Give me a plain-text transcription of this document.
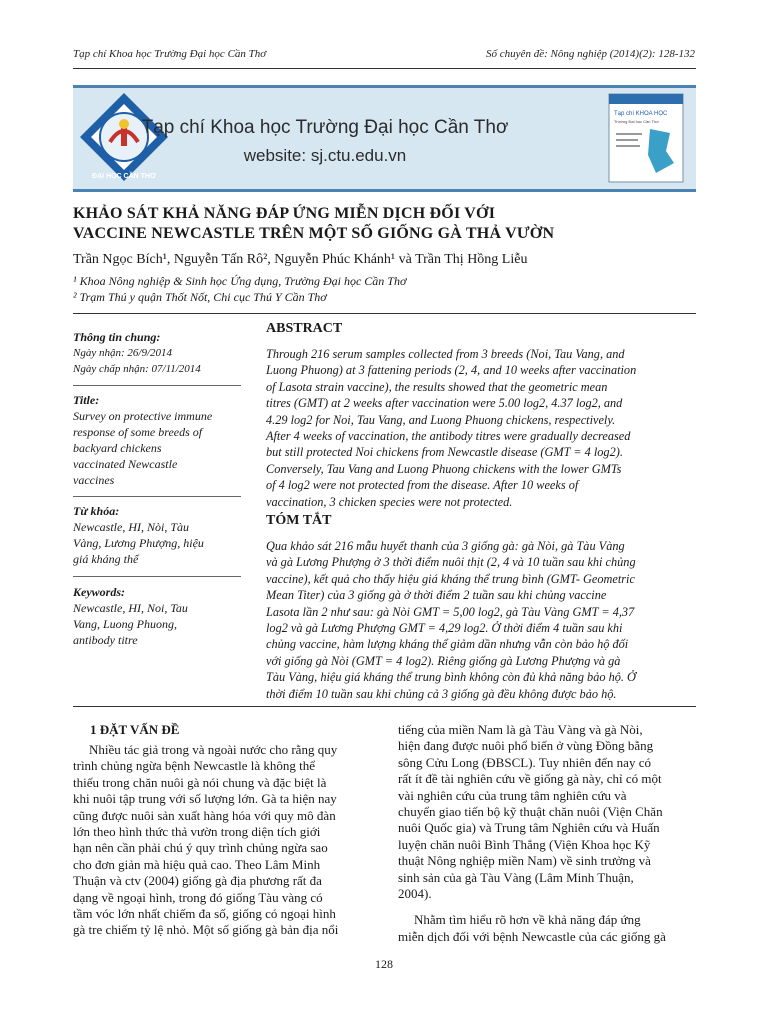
Tạp chí Khoa học Trường Đại học Cần Thơ	Số chuyên đề: Nông nghiệp (2014)(2): 128-132
ĐẠI HỌC CẦN THƠ
Tạp chí Khoa học Trường Đại học Cần Thơ
website: sj.ctu.edu.vn
Tạp chí KHOA HỌC
Trường Đại học Cần Thơ
KHẢO SÁT KHẢ NĂNG ĐÁP ỨNG MIỄN DỊCH ĐỐI VỚI
VACCINE NEWCASTLE TRÊN MỘT SỐ GIỐNG GÀ THẢ VƯỜN
Trần Ngọc Bích¹, Nguyễn Tấn Rô², Nguyễn Phúc Khánh¹ và Trần Thị Hồng Liễu
¹ Khoa Nông nghiệp & Sinh học Ứng dụng, Trường Đại học Cần Thơ
² Trạm Thú y quận Thốt Nốt, Chi cục Thú Y Cần Thơ
Thông tin chung:
Ngày nhận: 26/9/2014
Ngày chấp nhận: 07/11/2014
Title:
Survey on protective immune
response of some breeds of
backyard chickens
vaccinated Newcastle
vaccines
Từ khóa:
Newcastle, HI, Nòi, Tàu
Vàng, Lương Phượng, hiệu
giá kháng thể
Keywords:
Newcastle, HI, Noi, Tau
Vang, Luong Phuong,
antibody titre
ABSTRACT
Through 216 serum samples collected from 3 breeds (Noi, Tau Vang, and
Luong Phuong) at 3 fattening periods (2, 4, and 10 weeks after vaccination
of Lasota strain vaccine), the results showed that the geometric mean
titres (GMT) at 2 weeks after vaccination were 5.00 log2, 4.37 log2, and
4.29 log2 for Noi, Tau Vang, and Luong Phuong chickens, respectively.
After 4 weeks of vaccination, the antibody titres were gradually decreased
but still protected Noi chickens from Newcastle disease (GMT = 4 log2).
Conversely, Tau Vang and Luong Phuong chickens with the lower GMTs
of 4 log2 were not protected from the disease. After 10 weeks of
vaccination, 3 chicken species were not protected.
TÓM TẮT
Qua khảo sát 216 mẫu huyết thanh của 3 giống gà: gà Nòi, gà Tàu Vàng
và gà Lương Phượng ở 3 thời điểm nuôi thịt (2, 4 và 10 tuần sau khi chủng
vaccine), kết quả cho thấy hiệu giá kháng thể trung bình (GMT- Geometric
Mean Titer) của 3 giống gà ở thời điểm 2 tuần sau khi chủng vaccine
Lasota lần 2 như sau: gà Nòi GMT = 5,00 log2, gà Tàu Vàng GMT = 4,37
log2 và gà Lương Phượng GMT = 4,29 log2. Ở thời điểm 4 tuần sau khi
chủng vaccine, hàm lượng kháng thể giảm dần nhưng vẫn còn bảo hộ đối
với giống gà Nòi (GMT = 4 log2). Riêng giống gà Lương Phượng và gà
Tàu Vàng, hiệu giá kháng thể trung bình không còn đủ khả năng bảo hộ. Ở
thời điểm 10 tuần sau khi chủng cả 3 giống gà đều không được bảo hộ.
1 ĐẶT VẤN ĐỀ
Nhiều tác giả trong và ngoài nước cho rằng quy
trình chủng ngừa bệnh Newcastle là không thể
thiếu trong chăn nuôi gà nói chung và đặc biệt là
khi nuôi tập trung với số lượng lớn. Gà ta hiện nay
cũng được nuôi sản xuất hàng hóa với quy mô đàn
lớn theo hình thức thả vườn trong diện tích giới
hạn nên cần phải chú ý quy trình chủng ngừa sao
cho đơn giản mà hiệu quả cao. Theo Lâm Minh
Thuận và ctv (2004) giống gà địa phương rất đa
dạng về ngoại hình, trong đó giống Tàu vàng có
tầm vóc lớn nhất chiếm đa số, giống có ngoại hình
gà tre chiếm tỷ lệ nhỏ. Một số giống gà bản địa nổi
tiếng của miền Nam là gà Tàu Vàng và gà Nòi,
hiện đang được nuôi phổ biến ở vùng Đồng bằng
sông Cửu Long (ĐBSCL). Tuy nhiên đến nay có
rất ít đề tài nghiên cứu về giống gà này, chỉ có một
vài nghiên cứu của trung tâm nghiên cứu và
chuyển giao tiến bộ kỹ thuật chăn nuôi (Viện Chăn
nuôi Quốc gia) và Trung tâm Nghiên cứu và Huấn
luyện chăn nuôi Bình Thắng (Viện Khoa học Kỹ
thuật Nông nghiệp miền Nam) về sinh trưởng và
sinh sản của gà Tàu Vàng (Lâm Minh Thuận,
2004).
Nhằm tìm hiểu rõ hơn về khả năng đáp ứng
miễn dịch đối với bệnh Newcastle của các giống gà
128
